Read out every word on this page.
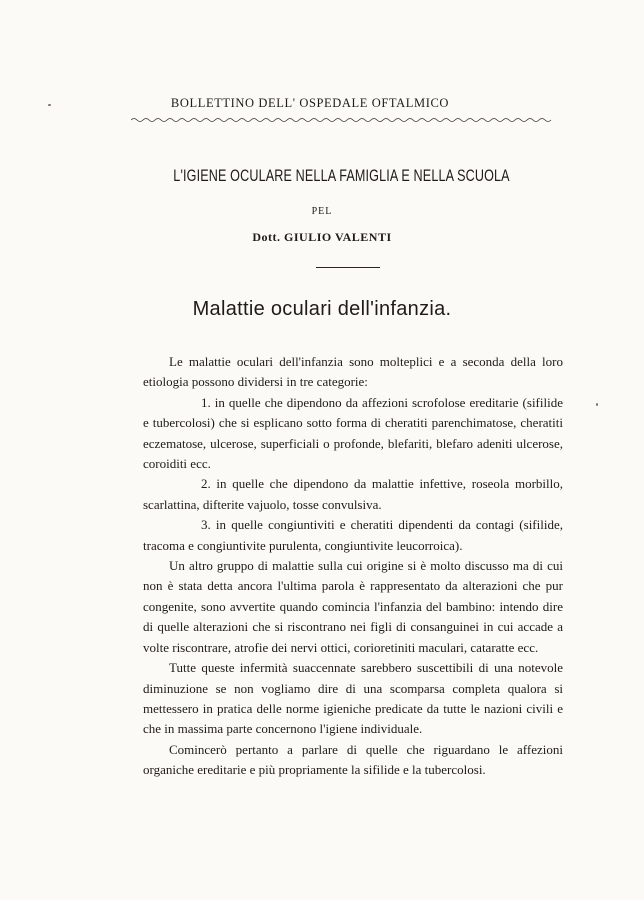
BOLLETTINO DELL' OSPEDALE OFTALMICO
L'IGIENE OCULARE NELLA FAMIGLIA E NELLA SCUOLA
PEL
Dott. GIULIO VALENTI
Malattie oculari dell'infanzia.

Le malattie oculari dell'infanzia sono molteplici e a seconda della loro etiologia possono dividersi in tre categorie:

1. in quelle che dipendono da affezioni scrofolose ereditarie (sifilide e tubercolosi) che si esplicano sotto forma di cheratiti parenchimatose, cheratiti eczematose, ulcerose, superficiali o profonde, blefariti, blefaro adeniti ulcerose, coroiditi ecc.

2. in quelle che dipendono da malattie infettive, roseola morbillo, scarlattina, difterite vajuolo, tosse convulsiva.

3. in quelle congiuntiviti e cheratiti dipendenti da contagi (sifilide, tracoma e congiuntivite purulenta, congiuntivite leucorroica).

Un altro gruppo di malattie sulla cui origine si è molto discusso ma di cui non è stata detta ancora l'ultima parola è rappresentato da alterazioni che pur congenite, sono avvertite quando comincia l'infanzia del bambino: intendo dire di quelle alterazioni che si riscontrano nei figli di consanguinei in cui accade a volte riscontrare, atrofie dei nervi ottici, corioretiniti maculari, cataratte ecc.

Tutte queste infermità suaccennate sarebbero suscettibili di una notevole diminuzione se non vogliamo dire di una scomparsa completa qualora si mettessero in pratica delle norme igieniche predicate da tutte le nazioni civili e che in massima parte concernono l'igiene individuale.

Comincerò pertanto a parlare di quelle che riguardano le affezioni organiche ereditarie e più propriamente la sifilide e la tubercolosi.
